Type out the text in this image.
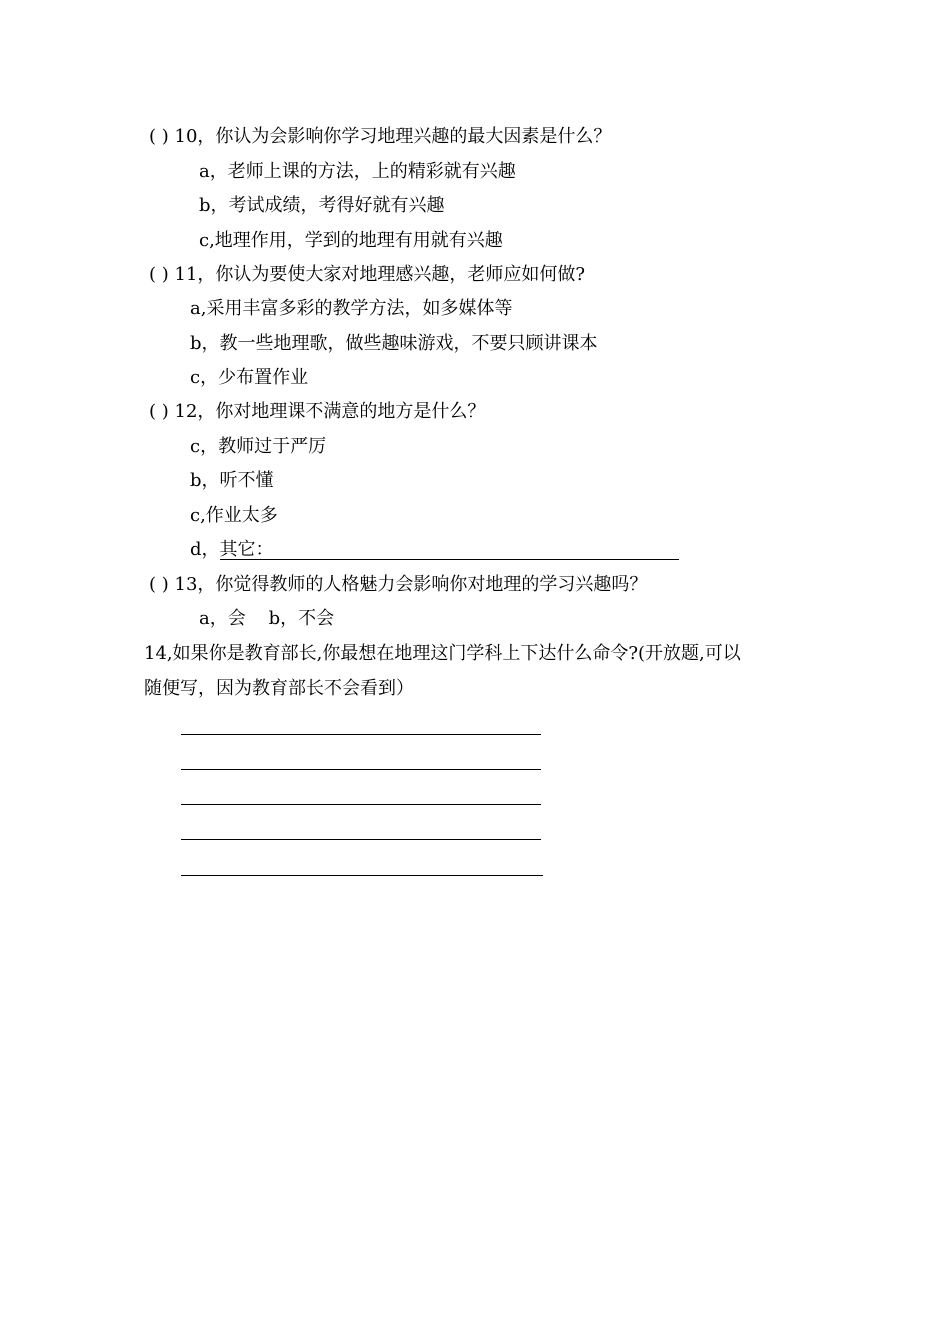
( ) 10，你认为会影响你学习地理兴趣的最大因素是什么？
a，老师上课的方法，上的精彩就有兴趣
b，考试成绩，考得好就有兴趣
c,地理作用，学到的地理有用就有兴趣
( ) 11，你认为要使大家对地理感兴趣，老师应如何做?
a,采用丰富多彩的教学方法，如多媒体等
b，教一些地理歌，做些趣味游戏，不要只顾讲课本
c，少布置作业
( ) 12，你对地理课不满意的地方是什么？
c，教师过于严厉
b，听不懂
c,作业太多
d，其它：
( ) 13，你觉得教师的人格魅力会影响你对地理的学习兴趣吗？
a，会    b，不会
14,如果你是教育部长,你最想在地理这门学科上下达什么命令?(开放题,可以
随便写，因为教育部长不会看到）
